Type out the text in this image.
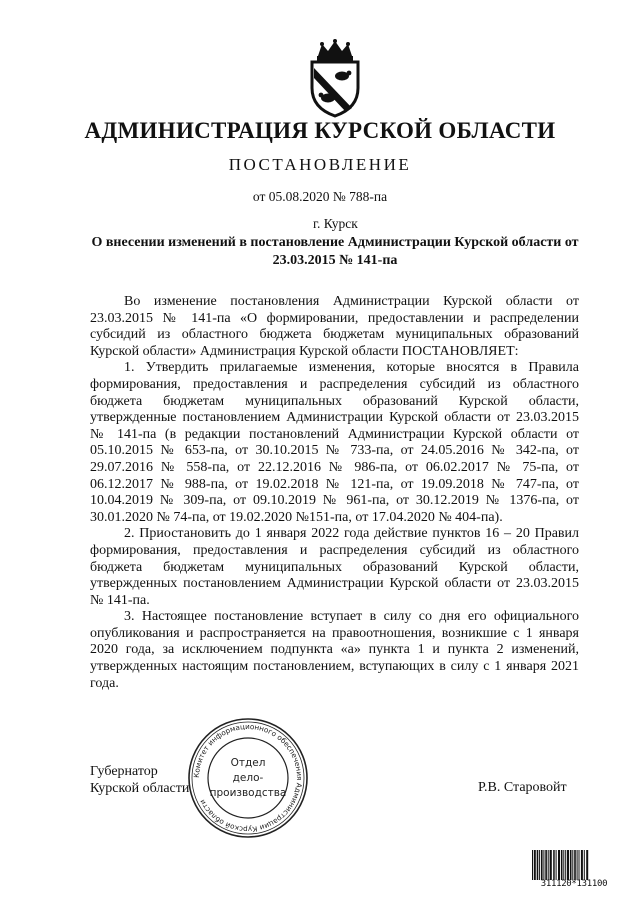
АДМИНИСТРАЦИЯ КУРСКОЙ ОБЛАСТИ
ПОСТАНОВЛЕНИЕ
от 05.08.2020 № 788-па
г. Курск
О внесении изменений в постановление Администрации Курской области от 23.03.2015 № 141-па

Во изменение постановления Администрации Курской области от 23.03.2015 № 141-па «О формировании, предоставлении и распределении субсидий из областного бюджета бюджетам муниципальных образований Курской области» Администрация Курской области ПОСТАНОВЛЯЕТ:

1. Утвердить прилагаемые изменения, которые вносятся в Правила формирования, предоставления и распределения субсидий из областного бюджета бюджетам муниципальных образований Курской области, утвержденные постановлением Администрации Курской области от 23.03.2015 № 141-па (в редакции постановлений Администрации Курской области от 05.10.2015 № 653-па, от 30.10.2015 № 733-па, от 24.05.2016 № 342-па, от 29.07.2016 № 558-па, от 22.12.2016 № 986-па, от 06.02.2017 № 75-па, от 06.12.2017 № 988-па, от 19.02.2018 № 121-па, от 19.09.2018 № 747-па, от 10.04.2019 № 309-па, от 09.10.2019 № 961-па, от 30.12.2019 № 1376-па, от 30.01.2020 № 74-па, от 19.02.2020 №151-па, от 17.04.2020 № 404-па).

2. Приостановить до 1 января 2022 года действие пунктов 16 – 20 Правил формирования, предоставления и распределения субсидий из областного бюджета бюджетам муниципальных образований Курской области, утвержденных постановлением Администрации Курской области от 23.03.2015 № 141-па.

3. Настоящее постановление вступает в силу со дня его официального опубликования и распространяется на правоотношения, возникшие с 1 января 2020 года, за исключением подпункта «а» пункта 1 и пункта 2 изменений, утвержденных настоящим постановлением, вступающих в силу с 1 января 2021 года.

Губернатор
Курской области	Р.В. Старовойт
Комитет информационного обеспечения Администрации Курской области
Отдел
дело-
производства
311120*131100
